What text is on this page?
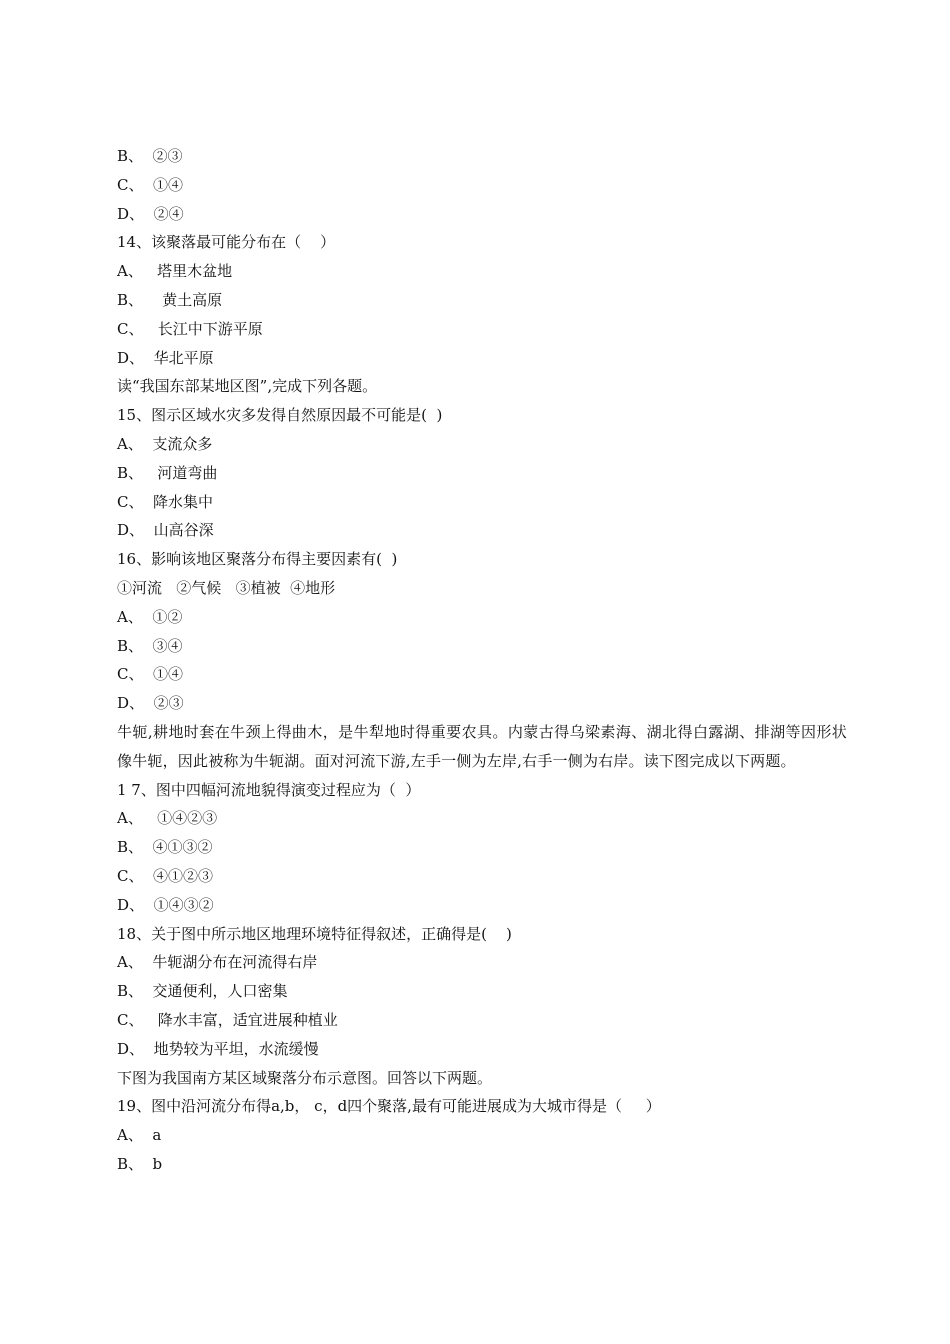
B、  ②③
C、  ①④
D、  ②④
14、该聚落最可能分布在（    ）
A、   塔里木盆地
B、    黄土高原
C、   长江中下游平原
D、  华北平原
读“我国东部某地区图”,完成下列各题。
15、图示区域水灾多发得自然原因最不可能是(  )
A、  支流众多
B、   河道弯曲
C、  降水集中
D、  山高谷深
16、影响该地区聚落分布得主要因素有(  )
①河流   ②气候   ③植被  ④地形
A、  ①②
B、  ③④
C、  ①④
D、  ②③
牛轭,耕地时套在牛颈上得曲木，是牛犁地时得重要农具。内蒙古得乌梁素海、湖北得白露湖、排湖等因形状像牛轭，因此被称为牛轭湖。面对河流下游,左手一侧为左岸,右手一侧为右岸。读下图完成以下两题。
1 7、图中四幅河流地貌得演变过程应为（  ）
A、   ①④②③
B、  ④①③②
C、  ④①②③
D、  ①④③②
18、关于图中所示地区地理环境特征得叙述，正确得是(    )
A、  牛轭湖分布在河流得右岸
B、  交通便利，人口密集
C、   降水丰富，适宜进展种植业
D、  地势较为平坦，水流缓慢
下图为我国南方某区域聚落分布示意图。回答以下两题。
19、图中沿河流分布得a,b， c，d四个聚落,最有可能进展成为大城市得是（     ）
A、  a
B、  b
